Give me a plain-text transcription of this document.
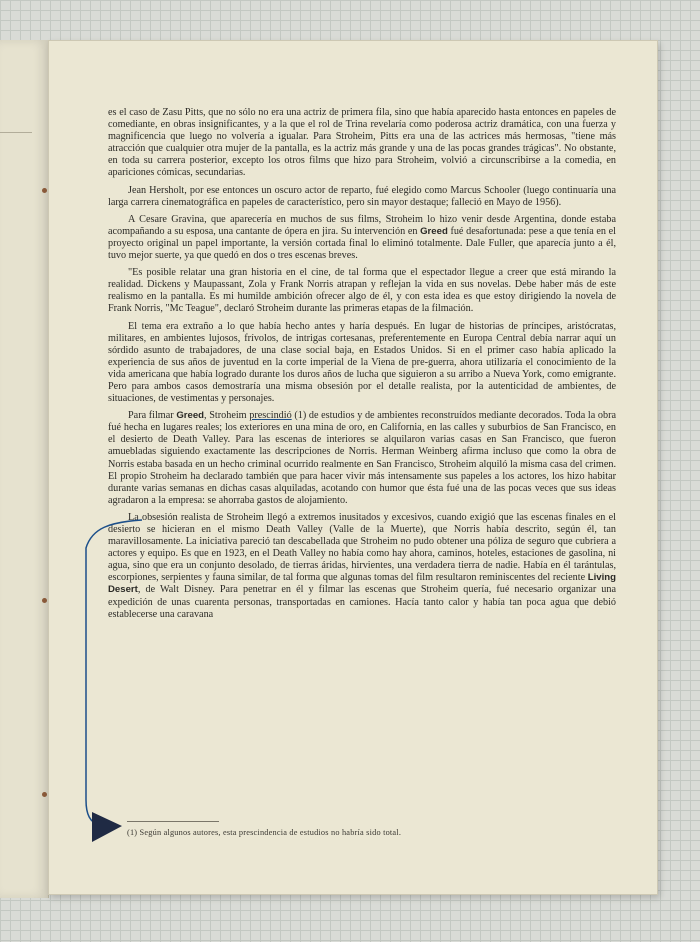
es el caso de Zasu Pitts, que no sólo no era una actriz de primera fila, sino que había aparecido hasta entonces en papeles de comediante, en obras insignificantes, y a la que el rol de Trina revelaría como poderosa actriz dramática, con una fuerza y magnificencia que luego no volvería a igualar. Para Stroheim, Pitts era una de las actrices más hermosas, "tiene más atracción que cualquier otra mujer de la pantalla, es la actriz más grande y una de las pocas grandes trágicas". No obstante, en toda su carrera posterior, excepto los otros films que hizo para Stroheim, volvió a circunscribirse a la comedia, en apariciones cómicas, secundarias.

Jean Hersholt, por ese entonces un oscuro actor de reparto, fué elegido como Marcus Schooler (luego continuaría una larga carrera cinematográfica en papeles de característico, pero sin mayor destaque; falleció en Mayo de 1956).

A Cesare Gravina, que aparecería en muchos de sus films, Stroheim lo hizo venir desde Argentina, donde estaba acompañando a su esposa, una cantante de ópera en jira. Su intervención en Greed fué desafortunada: pese a que tenía en el proyecto original un papel importante, la versión cortada final lo eliminó totalmente. Dale Fuller, que aparecía junto a él, tuvo mejor suerte, ya que quedó en dos o tres escenas breves.

"Es posible relatar una gran historia en el cine, de tal forma que el espectador llegue a creer que está mirando la realidad. Dickens y Maupassant, Zola y Frank Norris atrapan y reflejan la vida en sus novelas. Debe haber más de este realismo en la pantalla. Es mi humilde ambición ofrecer algo de él, y con esta idea es que estoy dirigiendo la novela de Frank Norris, "Mc Teague", declaró Stroheim durante las primeras etapas de la filmación.

El tema era extraño a lo que había hecho antes y haría después. En lugar de historias de príncipes, aristócratas, militares, en ambientes lujosos, frívolos, de intrigas cortesanas, preferentemente en Europa Central debía narrar aquí un sórdido asunto de trabajadores, de una clase social baja, en Estados Unidos. Si en el primer caso había aplicado la experiencia de sus años de juventud en la corte imperial de la Viena de pre-guerra, ahora utilizaría el conocimiento de la vida americana que había logrado durante los duros años de lucha que siguieron a su arribo a Nueva York, como emigrante. Pero para ambos casos demostraría una misma obsesión por el detalle realista, por la autenticidad de ambientes, de situaciones, de vestimentas y personajes.

Para filmar Greed, Stroheim prescindió (1) de estudios y de ambientes reconstruídos mediante decorados. Toda la obra fué hecha en lugares reales; los exteriores en una mina de oro, en California, en las calles y suburbios de San Francisco, en el desierto de Death Valley. Para las escenas de interiores se alquilaron varias casas en San Francisco, que fueron amuebladas siguiendo exactamente las descripciones de Norris. Herman Weinberg afirma incluso que como la obra de Norris estaba basada en un hecho criminal ocurrido realmente en San Francisco, Stroheim alquiló la misma casa del crimen. El propio Stroheim ha declarado también que para hacer vivir más intensamente sus papeles a los actores, los hizo habitar durante varias semanas en dichas casas alquiladas, acotando con humor que ésta fué una de las pocas veces que sus ideas agradaron a la empresa: se ahorraba gastos de alojamiento.

La obsesión realista de Stroheim llegó a extremos inusitados y excesivos, cuando exigió que las escenas finales en el desierto se hicieran en el mismo Death Valley (Valle de la Muerte), que Norris había descrito, según él, tan maravillosamente. La iniciativa pareció tan descabellada que Stroheim no pudo obtener una póliza de seguro que cubriera a actores y equipo. Es que en 1923, en el Death Valley no había como hay ahora, caminos, hoteles, estaciones de gasolina, ni agua, sino que era un conjunto desolado, de tierras áridas, hirvientes, una verdadera tierra de nadie. Había en él tarántulas, escorpiones, serpientes y fauna similar, de tal forma que algunas tomas del film resultaron reminiscentes del reciente Living Desert, de Walt Disney. Para penetrar en él y filmar las escenas que Stroheim quería, fué necesario organizar una expedición de unas cuarenta personas, transportadas en camiones. Hacía tanto calor y había tan poca agua que debió establecerse una caravana

(1) Según algunos autores, esta prescindencia de estudios no habría sido total.
